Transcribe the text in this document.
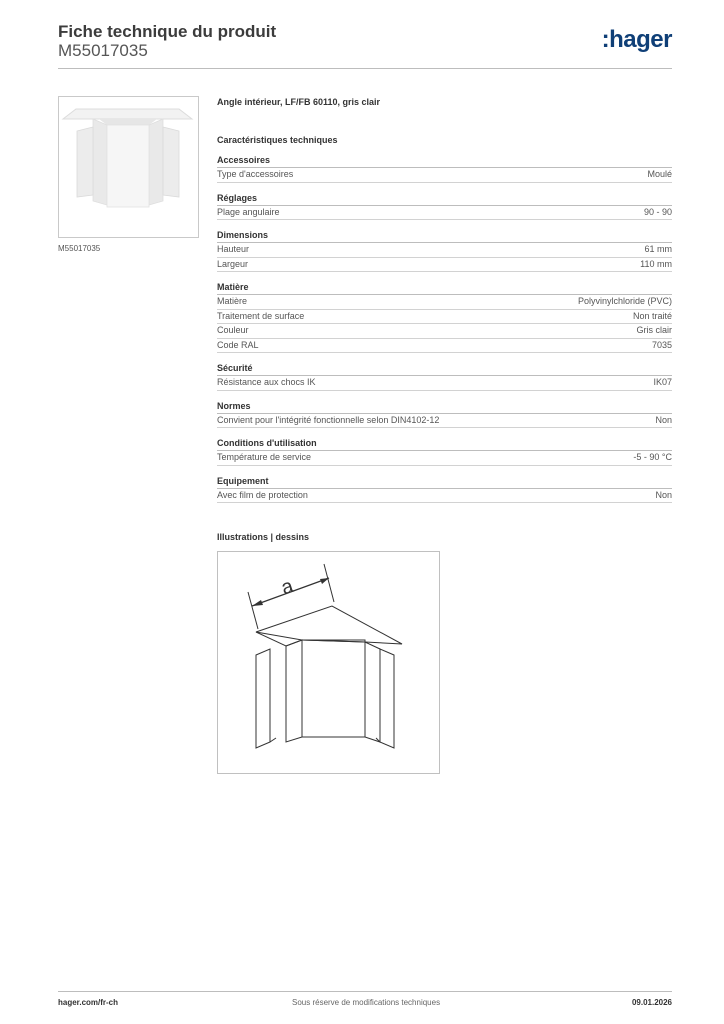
Fiche technique du produit
M55017035	:hager
M55017035
Angle intérieur, LF/FB 60110, gris clair
Caractéristiques techniques
Accessoires
Type d'accessoires	Moulé
Réglages
Plage angulaire	90 - 90
Dimensions
Hauteur	61 mm
Largeur	110 mm
Matière
Matière	Polyvinylchloride (PVC)
Traitement de surface	Non traité
Couleur	Gris clair
Code RAL	7035
Sécurité
Résistance aux chocs IK	IK07
Normes
Convient pour l'intégrité fonctionnelle selon DIN4102-12	Non
Conditions d'utilisation
Température de service	-5 - 90 °C
Equipement
Avec film de protection	Non
Illustrations | dessins
a
hager.com/fr-ch	Sous réserve de modifications techniques	09.01.2026
